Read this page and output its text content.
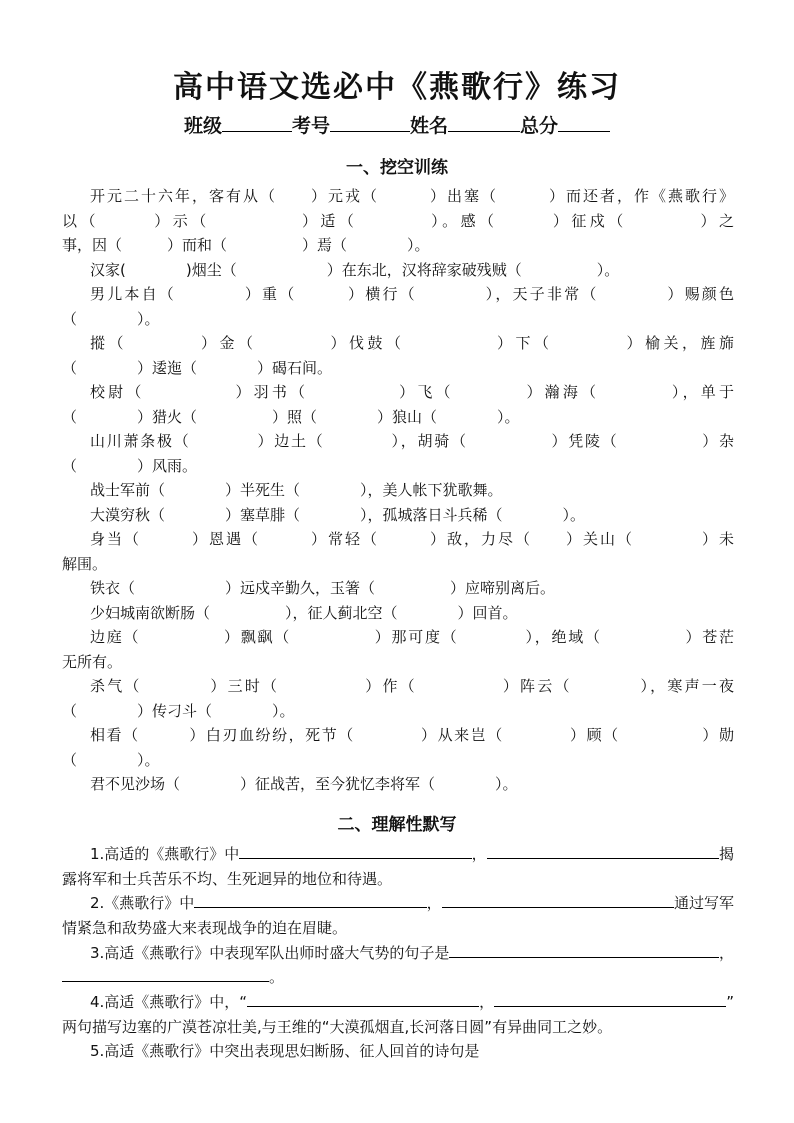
高中语文选必中《燕歌行》练习
班级	考号	姓名	总分
一、挖空训练
开元二十六年，客有从（　　）元戎（　　　）出塞（　　　）而还者，作《燕歌行》
以（　　　）示（　　　　　）适（　　　　）。感（　　　）征戍（　　　　）之
事，因（　　　）而和（　　　　　）焉（　　　　）。
汉家(　　　　)烟尘（　　　　　　）在东北，汉将辞家破残贼（　　　　　）。
男儿本自（　　　　）重（　　　）横行（　　　　），天子非常（　　　　）赐颜色
（　　　　）。
摐（　　　　）金（　　　　）伐鼓（　　　　　）下（　　　　）榆关，旌旆
（　　　　）逶迤（　　　　）碣石间。
校尉（　　　　　）羽书（　　　　　）飞（　　　　）瀚海（　　　　），单于
（　　　　）猎火（　　　　　）照（　　　　）狼山（　　　　）。
山川萧条极（　　　　）边土（　　　　），胡骑（　　　　　）凭陵（　　　　　）杂
（　　　　）风雨。
战士军前（　　　　）半死生（　　　　），美人帐下犹歌舞。
大漠穷秋（　　　　）塞草腓（　　　　），孤城落日斗兵稀（　　　　）。
身当（　　　）恩遇（　　　）常轻（　　　）敌，力尽（　　）关山（　　　　）未
解围。
铁衣（　　　　　　）远戍辛勤久，玉箸（　　　　　）应啼别离后。
少妇城南欲断肠（　　　　　），征人蓟北空（　　　　）回首。
边庭（　　　　　）飘飖（　　　　　）那可度（　　　　），绝域（　　　　　）苍茫
无所有。
杀气（　　　　）三时（　　　　　）作（　　　　　）阵云（　　　　），寒声一夜
（　　　　）传刁斗（　　　　）。
相看（　　　）白刃血纷纷，死节（　　　　）从来岂（　　　　）顾（　　　　　）勋
（　　　　）。
君不见沙场（　　　　）征战苦，至今犹忆李将军（　　　　）。
二、理解性默写
1.高适的《燕歌行》中	，	揭
露将军和士兵苦乐不均、生死迥异的地位和待遇。
2.《燕歌行》中	，	通过写军
情紧急和敌势盛大来表现战争的迫在眉睫。
3.高适《燕歌行》中表现军队出师时盛大气势的句子是	，
。
4.高适《燕歌行》中，“	，	”
两句描写边塞的广漠苍凉壮美,与王维的“大漠孤烟直,长河落日圆”有异曲同工之妙。
5.高适《燕歌行》中突出表现思妇断肠、征人回首的诗句是
